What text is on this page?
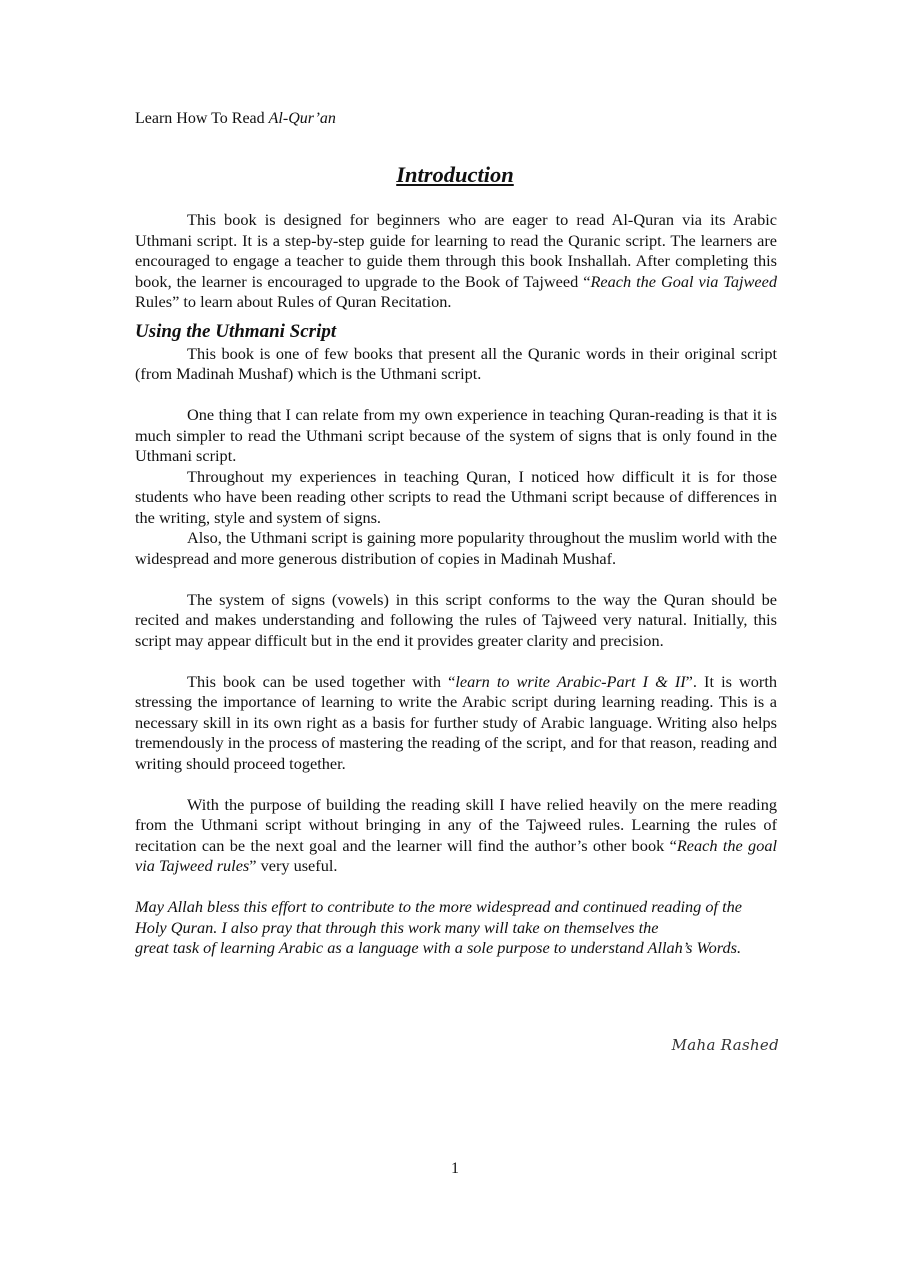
Learn How To Read Al-Qur’an
Introduction

This book is designed for beginners who are eager to read Al-Quran via its Arabic Uthmani script. It is a step-by-step guide for learning to read the Quranic script. The learners are encouraged to engage a teacher to guide them through this book Inshallah. After completing this book, the learner is encouraged to upgrade to the Book of Tajweed “Reach the Goal via Tajweed Rules” to learn about Rules of Quran Recitation.

Using the Uthmani Script

This book is one of few books that present all the Quranic words in their original script (from Madinah Mushaf) which is the Uthmani script.

One thing that I can relate from my own experience in teaching Quran-reading is that it is much simpler to read the Uthmani script because of the system of signs that is only found in the Uthmani script.

Throughout my experiences in teaching Quran, I noticed how difficult it is for those students who have been reading other scripts to read the Uthmani script because of differences in the writing, style and system of signs.

Also, the Uthmani script is gaining more popularity throughout the muslim world with the widespread and more generous distribution of copies in Madinah Mushaf.

The system of signs (vowels) in this script conforms to the way the Quran should be recited and makes understanding and following the rules of Tajweed very natural. Initially, this script may appear difficult but in the end it provides greater clarity and precision.

This book can be used together with “learn to write Arabic-Part I & II”. It is worth stressing the importance of learning to write the Arabic script during learning reading. This is a necessary skill in its own right as a basis for further study of Arabic language. Writing also helps tremendously in the process of mastering the reading of the script, and for that reason, reading and writing should proceed together.

With the purpose of building the reading skill I have relied heavily on the mere reading from the Uthmani script without bringing in any of the Tajweed rules. Learning the rules of recitation can be the next goal and the learner will find the author’s other book “Reach the goal via Tajweed rules” very useful.

May Allah bless this effort to contribute to the more widespread and continued reading of the Holy Quran. I also pray that through this work many will take on themselves the
great task of learning Arabic as a language with a sole purpose to understand Allah’s Words.

Maha Rashed
1
